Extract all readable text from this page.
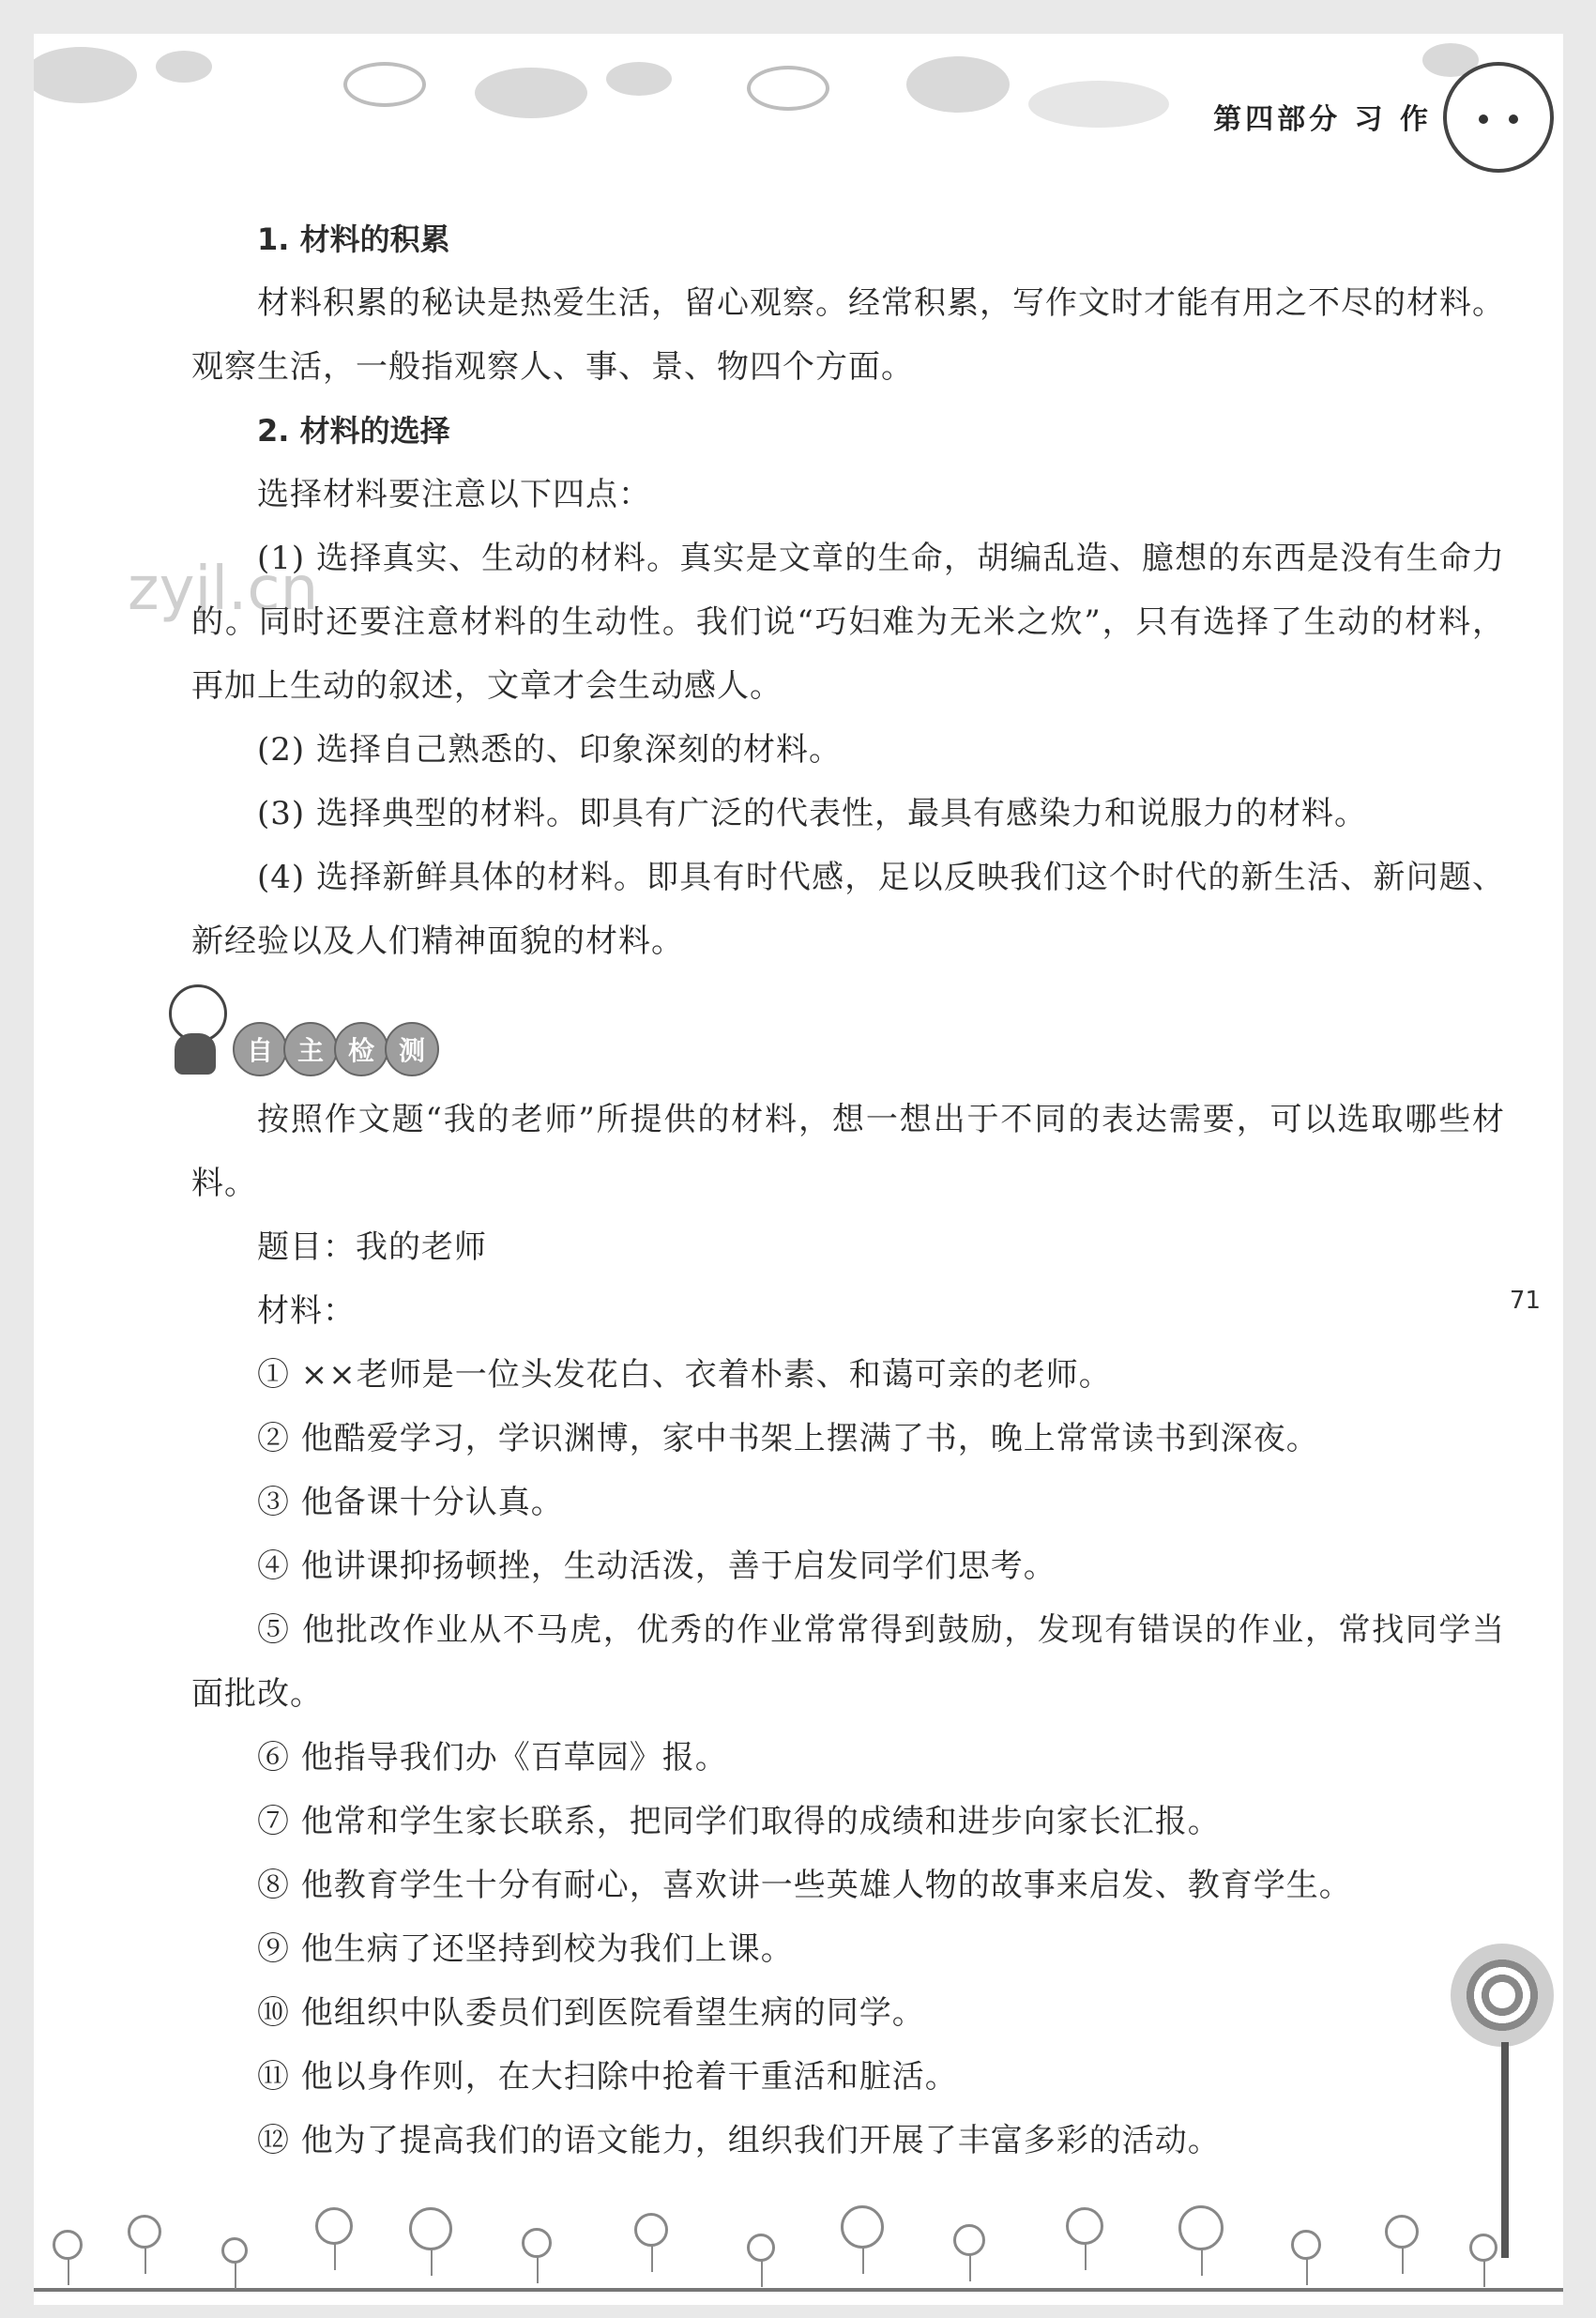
第四部分 习 作
zyjl.cn
1. 材料的积累

材料积累的秘诀是热爱生活，留心观察。经常积累，写作文时才能有用之不尽的材料。观察生活，一般指观察人、事、景、物四个方面。

2. 材料的选择

选择材料要注意以下四点：

(1) 选择真实、生动的材料。真实是文章的生命，胡编乱造、臆想的东西是没有生命力的。同时还要注意材料的生动性。我们说“巧妇难为无米之炊”，只有选择了生动的材料，再加上生动的叙述，文章才会生动感人。

(2) 选择自己熟悉的、印象深刻的材料。

(3) 选择典型的材料。即具有广泛的代表性，最具有感染力和说服力的材料。

(4) 选择新鲜具体的材料。即具有时代感，足以反映我们这个时代的新生活、新问题、新经验以及人们精神面貌的材料。

自 主 检 测

按照作文题“我的老师”所提供的材料，想一想出于不同的表达需要，可以选取哪些材料。

题目：我的老师

材料：

① ××老师是一位头发花白、衣着朴素、和蔼可亲的老师。

② 他酷爱学习，学识渊博，家中书架上摆满了书，晚上常常读书到深夜。

③ 他备课十分认真。

④ 他讲课抑扬顿挫，生动活泼，善于启发同学们思考。

⑤ 他批改作业从不马虎，优秀的作业常常得到鼓励，发现有错误的作业，常找同学当面批改。

⑥ 他指导我们办《百草园》报。

⑦ 他常和学生家长联系，把同学们取得的成绩和进步向家长汇报。

⑧ 他教育学生十分有耐心，喜欢讲一些英雄人物的故事来启发、教育学生。

⑨ 他生病了还坚持到校为我们上课。

⑩ 他组织中队委员们到医院看望生病的同学。

⑪ 他以身作则，在大扫除中抢着干重活和脏活。

⑫ 他为了提高我们的语文能力，组织我们开展了丰富多彩的活动。

71
